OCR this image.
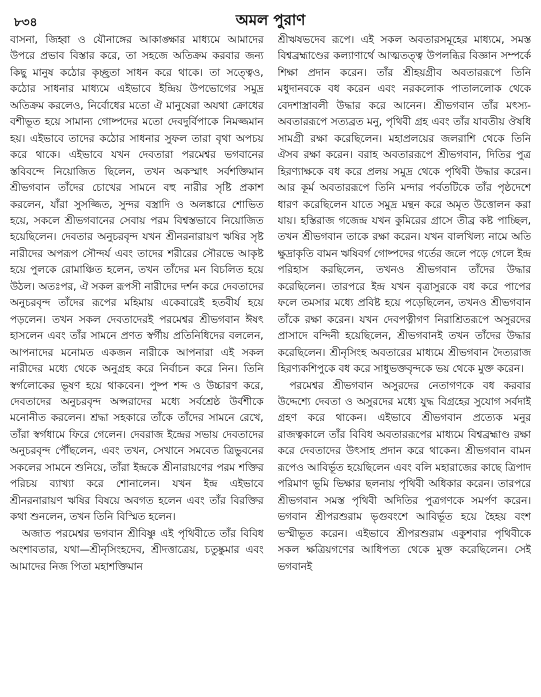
৮৩৪	অমল পুরাণ

বাসনা, জিহ্বা ও যৌনাঙ্গের আকাঙ্ক্ষার মাধ্যমে আমাদের উপরে প্রভাব বিস্তার করে, তা সহজে অতিক্রম করবার জন্য কিছু মানুষ কঠোর কৃচ্ছ্রতা সাধন করে থাকে। তা সত্ত্বেও, কঠোর সাধনার মাধ্যমে এইভাবে ইন্দ্রিয় উপভোগের সমুদ্র অতিক্রম করলেও, নির্বোধের মতো ঐ মানুষেরা অযথা ক্রোধের বশীভূত হয়ে সামান্য গোষ্পদের মতো দেবদুর্বিপাকে নিমজ্জমান হয়। এইভাবে তাদের কঠোর সাধনার সুফল তারা বৃথা অপচয় করে থাকে। এইভাবে যখন দেবতারা পরমেশ্বর ভগবানের স্তবিবন্দে নিয়োজিত ছিলেন, তখন অকস্মাৎ সর্বশক্তিমান শ্রীভগবান তাঁদের চোখের সামনে বহু নারীর সৃষ্টি প্রকাশ করলেন, যাঁরা সুসজ্জিত, সুন্দর বস্ত্রাদি ও অলঙ্কারে শোভিত হয়ে, সকলে শ্রীভগবানের সেবায় পরম বিশ্বস্তভাবে নিয়োজিত হয়েছিলেন। দেবতার অনুচরবৃন্দ যখন শ্রীনরনারায়ণ ঋষির সৃষ্ট নারীদের অপরূপ সৌন্দর্য এবং তাদের শরীরের সৌরভে আকৃষ্ট হয়ে পুলকে রোমাঞ্চিত হলেন, তখন তাঁদের মন বিচলিত হয়ে উঠল। অতঃপর, ঐ সকল রূপসী নারীদের দর্শন করে দেবতাদের অনুচরবৃন্দ তাঁদের রূপের মহিমায় একেবারেই হতবীর্য হয়ে পড়লেন। তখন সকল দেবতাদেরই পরমেশ্বর শ্রীভগবান ঈষৎ হাসলেন এবং তাঁর সামনে প্রণত স্বর্গীয় প্রতিনিধিদের বললেন, আপনাদের মনোমত একজন নারীকে আপনারা এই সকল নারীদের মধ্যে থেকে অনুগ্রহ করে নির্বাচন করে নিন। তিনি স্বর্গলোকের ভূষণ হয়ে থাকবেন। পুষ্প শব্দ ও উচ্চারণ করে, দেবতাদের অনুচরবৃন্দ অপ্সরাদের মধ্যে সর্বশ্রেষ্ঠ উর্বশীকে মনোনীত করলেন। শ্রদ্ধা সহকারে তাঁকে তাঁদের সামনে রেখে, তাঁরা স্বর্গধামে ফিরে গেলেন। দেবরাজ ইন্দ্রের সভায় দেবতাদের অনুচরবৃন্দ পৌঁছলেন, এবং তখন, সেখানে সমবেত ত্রিভুবনের সকলের সামনে শুনিয়ে, তাঁরা ইন্দ্রকে শ্রীনারায়ণের পরম শক্তির পরিচয় ব্যাখ্যা করে শোনালেন। যখন ইন্দ্র এইভাবে শ্রীনরনারায়ণ ঋষির বিষয়ে অবগত হলেন এবং তাঁর বিরক্তির কথা শুনলেন, তখন তিনি বিস্মিত হলেন।

অজাত পরমেশ্বর ভগবান শ্রীবিষ্ণু এই পৃথিবীতে তাঁর বিবিধ অংশাবতার, যথা—শ্রীনৃসিংহদেব, শ্রীদত্তাত্রেয়, চতুষ্কুমার এবং আমাদের নিজ পিতা মহাশক্তিমান

শ্রীঋষভদেব রূপে। এই সকল অবতারসমূহের মাধ্যমে, সমস্ত বিশ্বব্রহ্মাণ্ডের কল্যাণার্থে আত্মতত্ত্ব উপলব্ধির বিজ্ঞান সম্পর্কে শিক্ষা প্রদান করেন। তাঁর শ্রীহয়গ্রীব অবতাররূপে তিনি মধুদানবকে বধ করেন এবং নরকলোক পাতাললোক থেকে বেদশাস্ত্রাবলী উদ্ধার করে আনেন। শ্রীভগবান তাঁর মৎস্য-অবতাররূপে সত্যব্রত মনু, পৃথিবী গ্রহ এবং তাঁর যাবতীয় ঔষধি সামগ্রী রক্ষা করেছিলেন। মহাপ্রলয়ের জলরাশি থেকে তিনি ঐসব রক্ষা করেন। বরাহ অবতাররূপে শ্রীভগবান, দিতির পুত্র হিরণ্যাক্ষকে বধ করে প্রলয় সমুদ্র থেকে পৃথিবী উদ্ধার করেন। আর কূর্ম অবতাররূপে তিনি মন্দার পর্বতটিকে তাঁর পৃষ্ঠদেশে ধারণ করেছিলেন যাতে সমুদ্র মন্থন করে অমৃত উত্তোলন করা যায়। হস্তিরাজ গজেন্দ্র যখন কুমিরের গ্রাসে তীব্র কষ্ট পাচ্ছিল, তখন শ্রীভগবান তাকে রক্ষা করেন। যখন বালখিল্য নামে অতি ক্ষুদ্রাকৃতি বামন ঋষিবর্গ গোষ্পদের গর্তের জলে পড়ে গেলে ইন্দ্র পরিহাস করছিলেন, তখনও শ্রীভগবান তাঁদের উদ্ধার করেছিলেন। তারপরে ইন্দ্র যখন বৃত্রাসুরকে বধ করে পাপের ফলে তমসার মধ্যে প্রবিষ্ট হয়ে পড়েছিলেন, তখনও শ্রীভগবান তাঁকে রক্ষা করেন। যখন দেবপত্নীগণ নিরাশ্রিতরূপে অসুরদের প্রাসাদে বন্দিনী হয়েছিলেন, শ্রীভগবানই তখন তাঁদের উদ্ধার করেছিলেন। শ্রীনৃসিংহ অবতারের মাধ্যমে শ্রীভগবান দৈত্যরাজ হিরণ্যকশিপুকে বধ করে সাধুভক্তবৃন্দকে ভয় থেকে মুক্ত করেন।

পরমেশ্বর শ্রীভগবান অসুরদের নেতাগণকে বধ করবার উদ্দেশ্যে দেবতা ও অসুরদের মধ্যে যুদ্ধ বিগ্রহের সুযোগ সর্বদাই গ্রহণ করে থাকেন। এইভাবে শ্রীভগবান প্রত্যেক মনুর রাজত্বকালে তাঁর বিবিধ অবতাররূপের মাধ্যমে বিশ্বব্রহ্মাণ্ড রক্ষা করে দেবতাদের উৎসাহ প্রদান করে থাকেন। শ্রীভগবান বামন রূপেও আবির্ভূত হয়েছিলেন এবং বলি মহারাজের কাছে ত্রিপাদ পরিমাণ ভূমি ভিক্ষার ছলনায় পৃথিবী অধিকার করেন। তারপরে শ্রীভগবান সমস্ত পৃথিবী অদিতির পুত্রগণকে সমর্পণ করেন। ভগবান শ্রীপরশুরাম ভৃগুবংশে আবির্ভূত হয়ে হৈহয় বংশ ভস্মীভূত করেন। এইভাবে শ্রীপরশুরাম একুশবার পৃথিবীকে সকল ক্ষত্রিয়গণের আধিপত্য থেকে মুক্ত করেছিলেন। সেই ভগবানই
